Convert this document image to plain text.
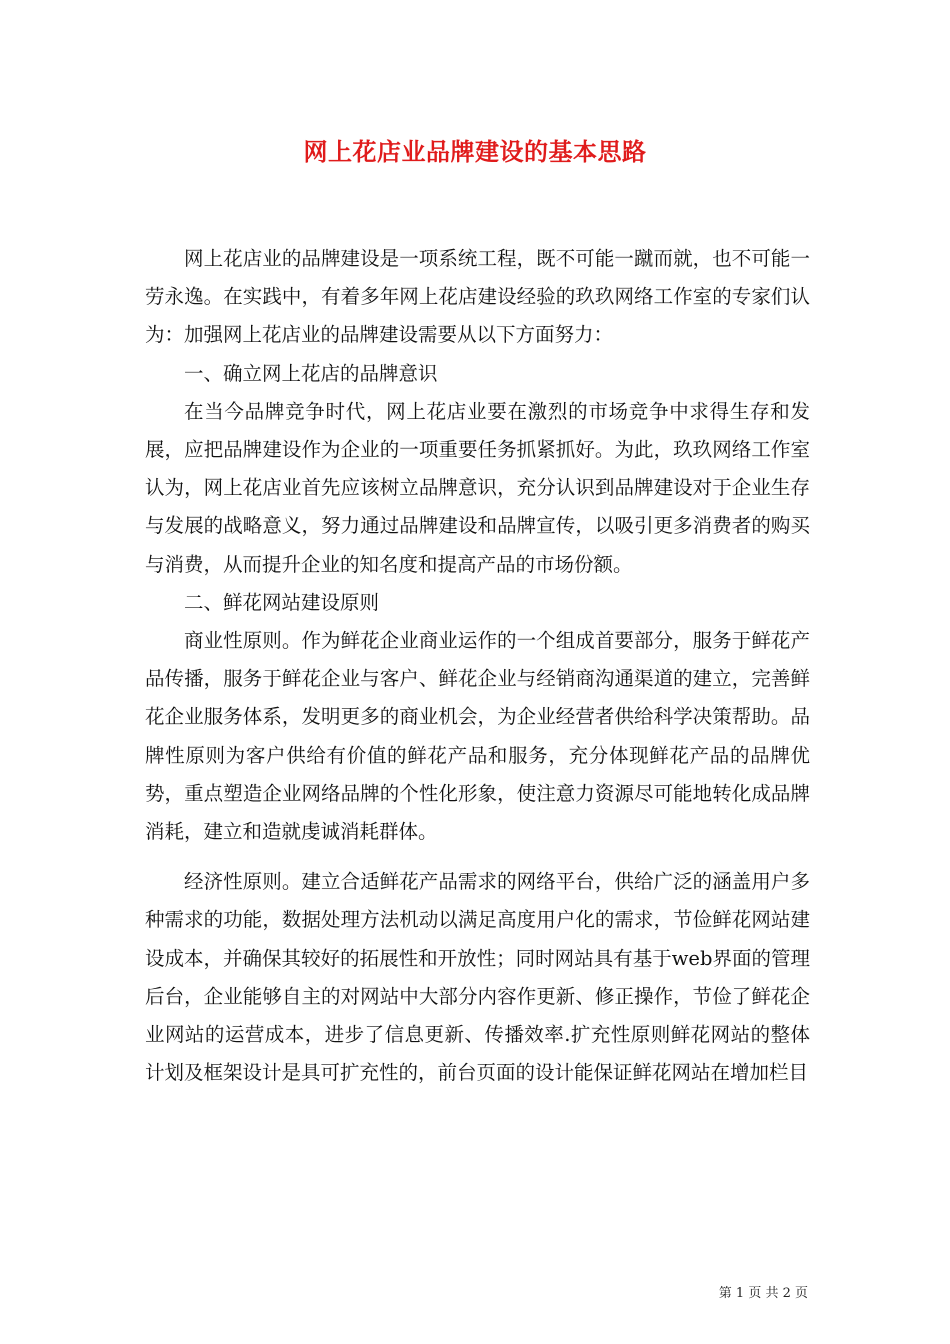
网上花店业品牌建设的基本思路

网上花店业的品牌建设是一项系统工程，既不可能一蹴而就，也不可能一劳永逸。在实践中，有着多年网上花店建设经验的玖玖网络工作室的专家们认为：加强网上花店业的品牌建设需要从以下方面努力：

一、确立网上花店的品牌意识

在当今品牌竞争时代，网上花店业要在激烈的市场竞争中求得生存和发展，应把品牌建设作为企业的一项重要任务抓紧抓好。为此，玖玖网络工作室认为，网上花店业首先应该树立品牌意识，充分认识到品牌建设对于企业生存与发展的战略意义，努力通过品牌建设和品牌宣传，以吸引更多消费者的购买与消费，从而提升企业的知名度和提高产品的市场份额。

二、鲜花网站建设原则

商业性原则。作为鲜花企业商业运作的一个组成首要部分，服务于鲜花产品传播，服务于鲜花企业与客户、鲜花企业与经销商沟通渠道的建立，完善鲜花企业服务体系，发明更多的商业机会，为企业经营者供给科学决策帮助。品牌性原则为客户供给有价值的鲜花产品和服务，充分体现鲜花产品的品牌优势，重点塑造企业网络品牌的个性化形象，使注意力资源尽可能地转化成品牌消耗，建立和造就虔诚消耗群体。

经济性原则。建立合适鲜花产品需求的网络平台，供给广泛的涵盖用户多种需求的功能，数据处理方法机动以满足高度用户化的需求，节俭鲜花网站建设成本，并确保其较好的拓展性和开放性；同时网站具有基于web界面的管理后台，企业能够自主的对网站中大部分内容作更新、修正操作，节俭了鲜花企业网站的运营成本，进步了信息更新、传播效率.扩充性原则鲜花网站的整体计划及框架设计是具可扩充性的，前台页面的设计能保证鲜花网站在增加栏目

第 1 页 共 2 页
